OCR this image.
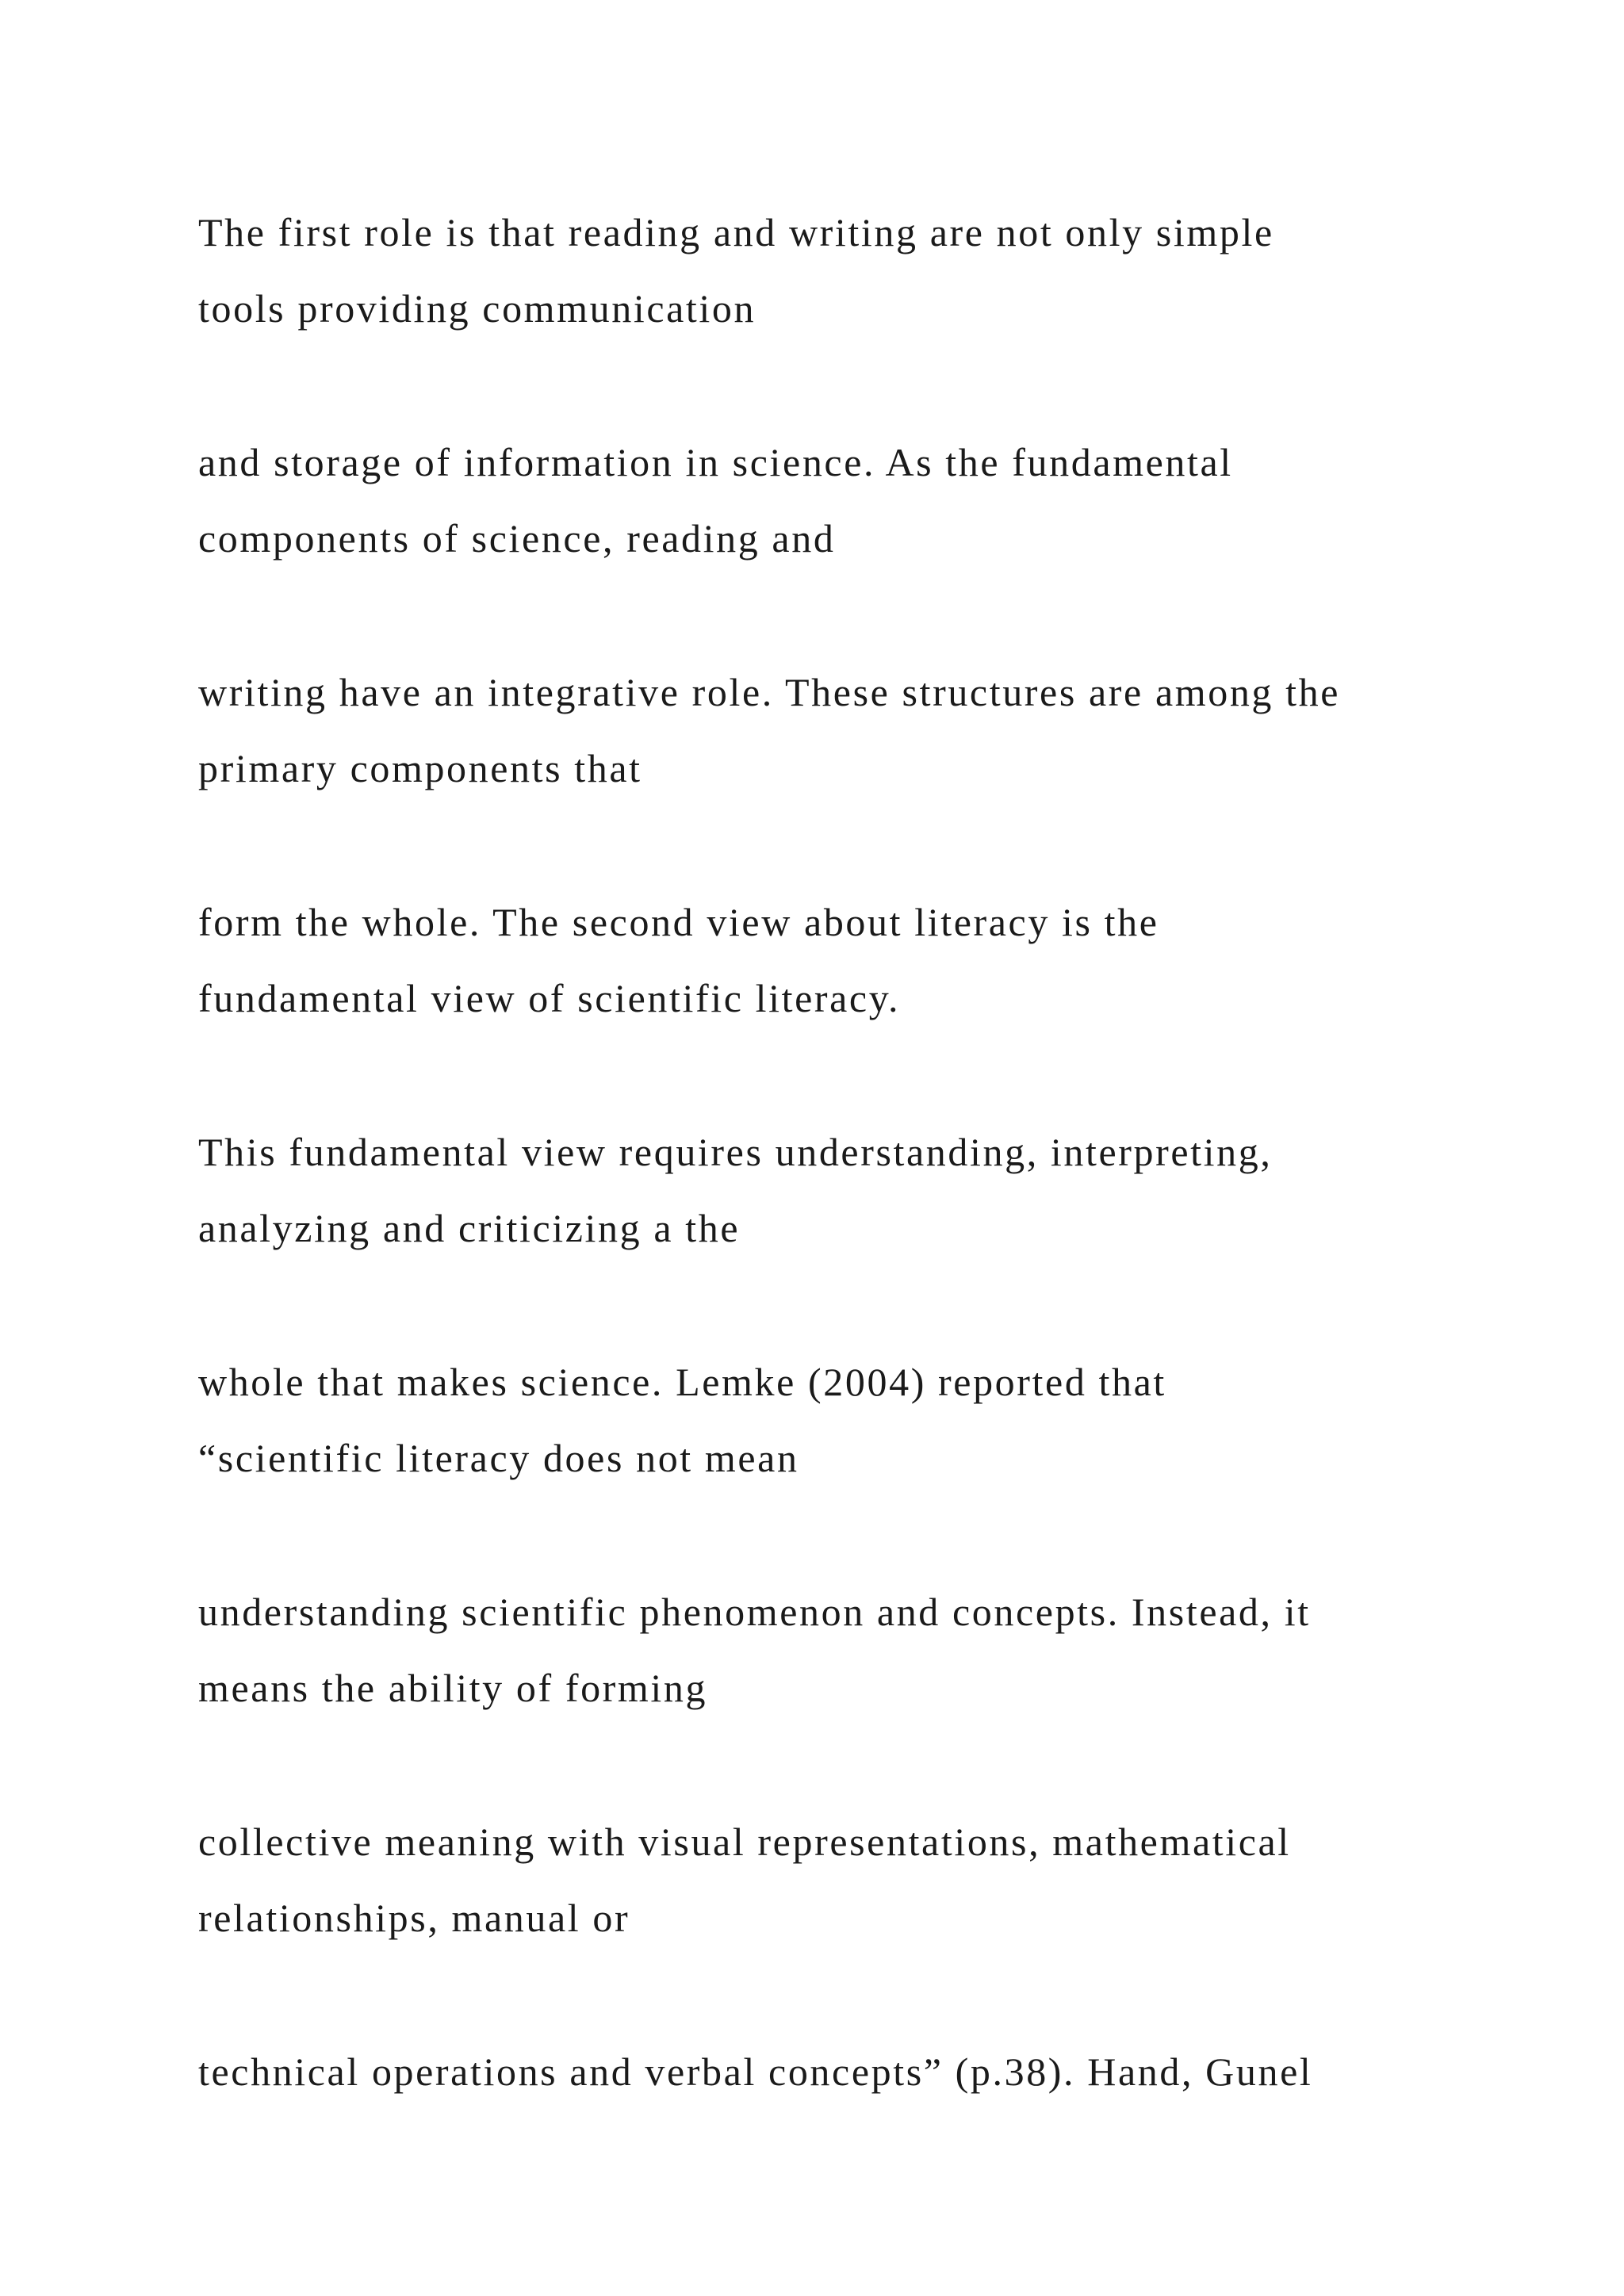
The first role is that reading and writing are not only simple
tools providing communication

and storage of information in science. As the fundamental
components of science, reading and

writing have an integrative role. These structures are among the
primary components that

form the whole. The second view about literacy is the
fundamental view of scientific literacy.

This fundamental view requires understanding, interpreting,
analyzing and criticizing a the

whole that makes science. Lemke (2004) reported that
“scientific literacy does not mean

understanding scientific phenomenon and concepts. Instead, it
means the ability of forming

collective meaning with visual representations, mathematical
relationships, manual or

technical operations and verbal concepts” (p.38). Hand, Gunel
